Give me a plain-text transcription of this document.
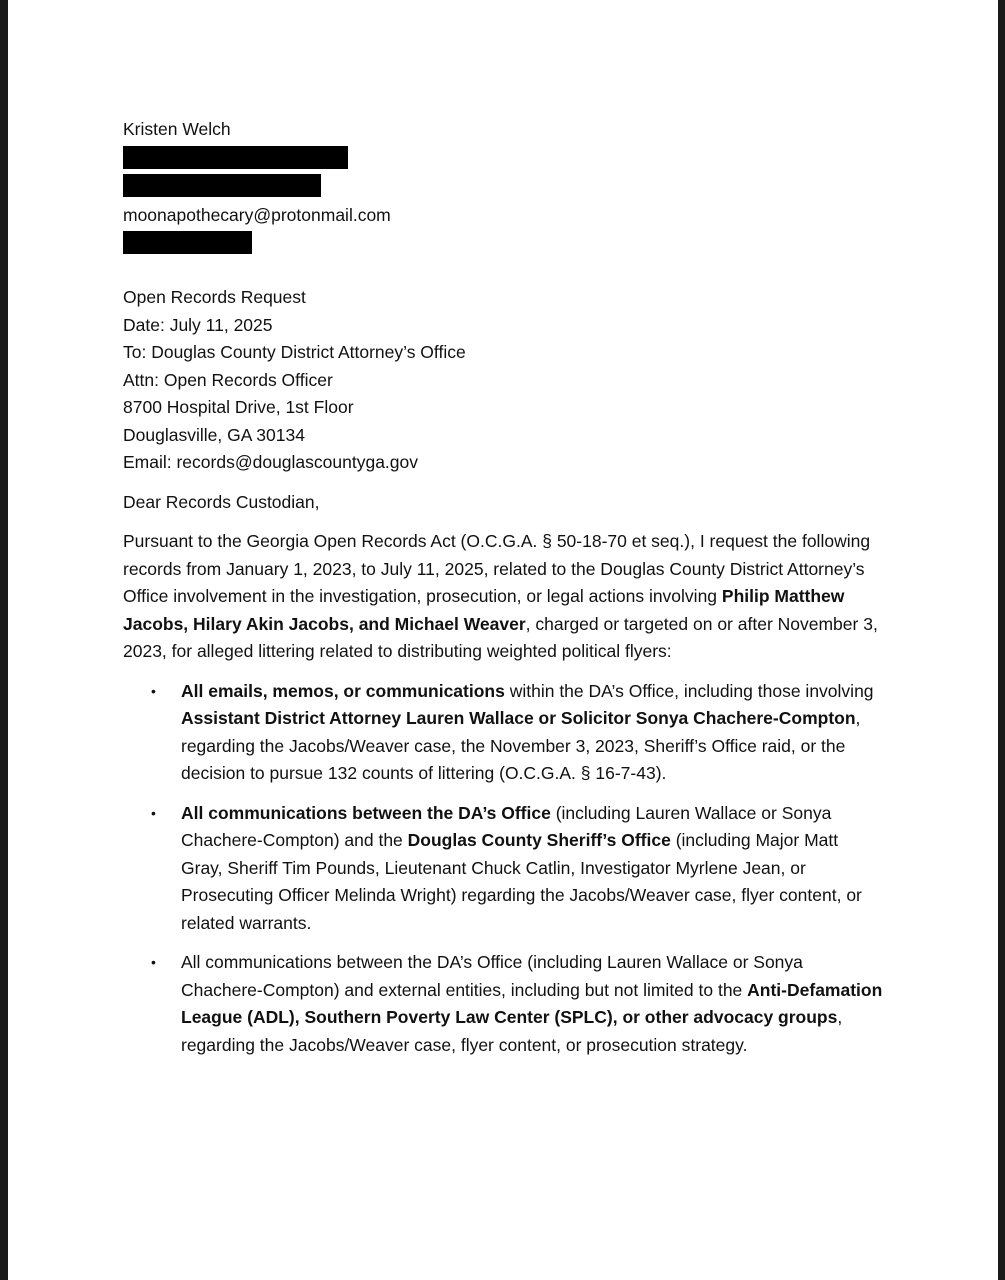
Kristen Welch
moonapothecary@protonmail.com
Open Records Request
Date: July 11, 2025
To: Douglas County District Attorney’s Office
Attn: Open Records Officer
8700 Hospital Drive, 1st Floor
Douglasville, GA 30134
Email: records@douglascountyga.gov
Dear Records Custodian,

Pursuant to the Georgia Open Records Act (O.C.G.A. § 50-18-70 et seq.), I request the following records from January 1, 2023, to July 11, 2025, related to the Douglas County District Attorney’s Office involvement in the investigation, prosecution, or legal actions involving Philip Matthew Jacobs, Hilary Akin Jacobs, and Michael Weaver, charged or targeted on or after November 3, 2023, for alleged littering related to distributing weighted political flyers:

• All emails, memos, or communications within the DA’s Office, including those involving Assistant District Attorney Lauren Wallace or Solicitor Sonya Chachere-Compton, regarding the Jacobs/Weaver case, the November 3, 2023, Sheriff’s Office raid, or the decision to pursue 132 counts of littering (O.C.G.A. § 16-7-43).
• All communications between the DA’s Office (including Lauren Wallace or Sonya Chachere-Compton) and the Douglas County Sheriff’s Office (including Major Matt Gray, Sheriff Tim Pounds, Lieutenant Chuck Catlin, Investigator Myrlene Jean, or Prosecuting Officer Melinda Wright) regarding the Jacobs/Weaver case, flyer content, or related warrants.
• All communications between the DA’s Office (including Lauren Wallace or Sonya Chachere-Compton) and external entities, including but not limited to the Anti-Defamation League (ADL), Southern Poverty Law Center (SPLC), or other advocacy groups, regarding the Jacobs/Weaver case, flyer content, or prosecution strategy.
